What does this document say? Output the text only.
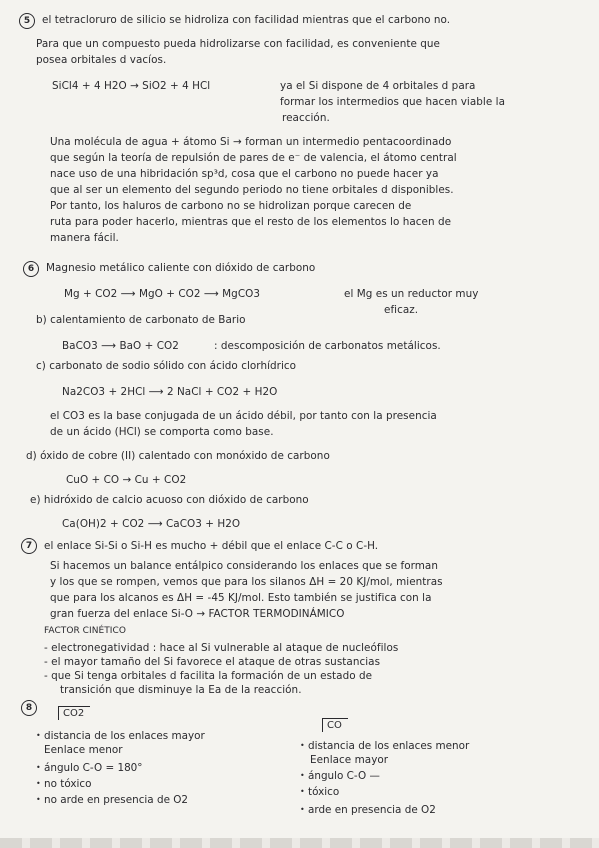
5	el tetracloruro de silicio se hidroliza con facilidad mientras que el carbono no.
Para que un compuesto pueda hidrolizarse con facilidad, es conveniente que
posea orbitales d vacíos.
SiCl4 + 4 H2O → SiO2 + 4 HCl	ya el Si dispone de 4 orbitales d para
formar los intermedios que hacen viable la
reacción.
Una molécula de agua + átomo Si → forman un intermedio pentacoordinado
que según la teoría de repulsión de pares de e⁻ de valencia, el átomo central
nace uso de una hibridación sp³d, cosa que el carbono no puede hacer ya
que al ser un elemento del segundo periodo no tiene orbitales d disponibles.
Por tanto, los haluros de carbono no se hidrolizan porque carecen de
ruta para poder hacerlo, mientras que el resto de los elementos lo hacen de
manera fácil.
6	Magnesio metálico caliente con dióxido de carbono
Mg + CO2 ⟶ MgO + CO2 ⟶ MgCO3	el Mg es un reductor muy
eficaz.
b) calentamiento de carbonato de Bario
BaCO3 ⟶ BaO + CO2	: descomposición de carbonatos metálicos.
c) carbonato de sodio sólido con ácido clorhídrico
Na2CO3 + 2HCl ⟶ 2 NaCl + CO2 + H2O
el CO3 es la base conjugada de un ácido débil, por tanto con la presencia
de un ácido (HCl) se comporta como base.
d) óxido de cobre (II) calentado con monóxido de carbono
CuO + CO → Cu + CO2
e) hidróxido de calcio acuoso con dióxido de carbono
Ca(OH)2 + CO2 ⟶ CaCO3 + H2O
7	el enlace Si-Si o Si-H es mucho + débil que el enlace C-C o C-H.
Si hacemos un balance entálpico considerando los enlaces que se forman
y los que se rompen, vemos que para los silanos ΔH = 20 KJ/mol, mientras
que para los alcanos es ΔH = -45 KJ/mol. Esto también se justifica con la
gran fuerza del enlace Si-O → FACTOR TERMODINÁMICO
FACTOR CINÉTICO
- electronegatividad : hace al Si vulnerable al ataque de nucleófilos
- el mayor tamaño del Si favorece el ataque de otras sustancias
- que Si tenga orbitales d facilita la formación de un estado de
transición que disminuye la Ea de la reacción.
8	CO2
CO
• distancia de los enlaces mayor
Eenlace menor
• ángulo C-O = 180°
• no tóxico
• no arde en presencia de O2
• distancia de los enlaces menor
Eenlace mayor
• ángulo C-O —
• tóxico
• arde en presencia de O2
